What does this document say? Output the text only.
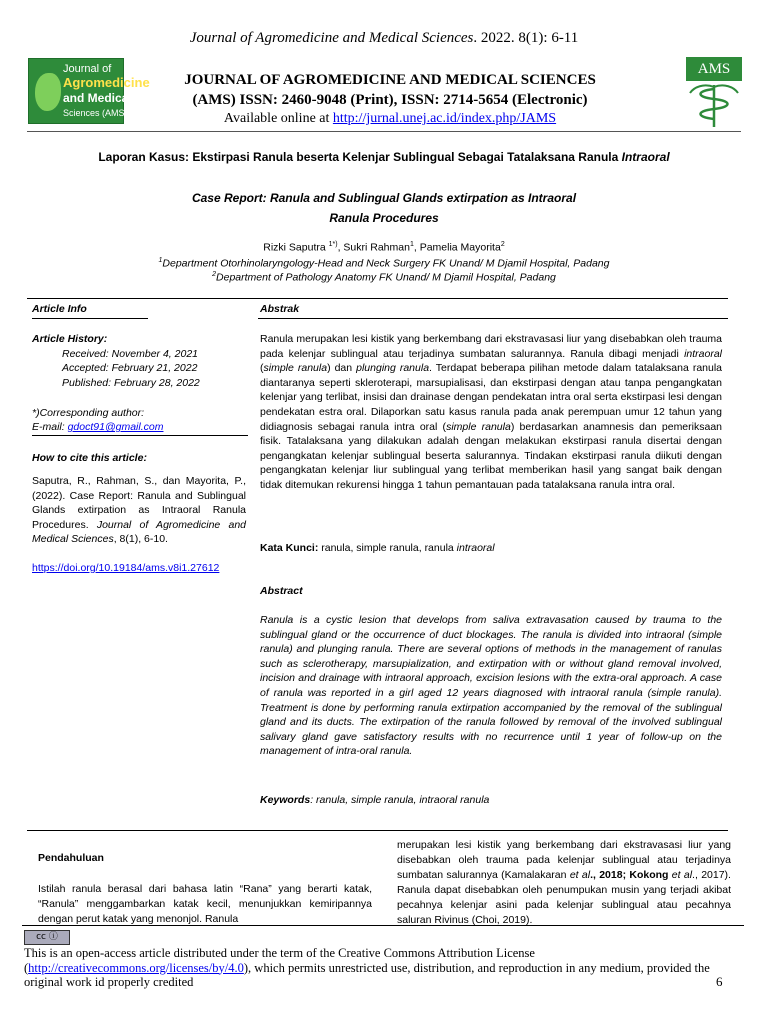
Journal of Agromedicine and Medical Sciences. 2022. 8(1): 6-11
Journal of
Agromedicine
and Medical
Sciences (AMS)
JOURNAL OF AGROMEDICINE AND MEDICAL SCIENCES
(AMS) ISSN: 2460-9048 (Print), ISSN: 2714-5654 (Electronic)
Available online at http://jurnal.unej.ac.id/index.php/JAMS
AMS
Laporan Kasus: Ekstirpasi Ranula beserta Kelenjar Sublingual Sebagai Tatalaksana Ranula Intraoral
Case Report: Ranula and Sublingual Glands extirpation as Intraoral
Ranula Procedures
Rizki Saputra $^{1*)}$, Sukri Rahman$^1$, Pamelia Mayorita$^2$
$^1$Department Otorhinolaryngology-Head and Neck Surgery FK Unand/ M Djamil Hospital, Padang
$^2$Department of Pathology Anatomy FK Unand/ M Djamil Hospital, Padang
Article Info	Abstrak
Article History:
Received: November 4, 2021
Accepted: February 21, 2022
Published: February 28, 2022
*)Corresponding author:
E-mail: gdoct91@gmail.com
How to cite this article:
Saputra, R., Rahman, S., dan Mayorita, P., (2022). Case Report: Ranula and Sublingual Glands extirpation as Intraoral Ranula Procedures. Journal of Agromedicine and Medical Sciences, 8(1), 6-10.
https://doi.org/10.19184/ams.v8i1.27612
Ranula merupakan lesi kistik yang berkembang dari ekstravasasi liur yang disebabkan oleh trauma pada kelenjar sublingual atau terjadinya sumbatan salurannya. Ranula dibagi menjadi intraoral (simple ranula) dan plunging ranula. Terdapat beberapa pilihan metode dalam tatalaksana ranula diantaranya seperti skleroterapi, marsupialisasi, dan ekstirpasi dengan atau tanpa pengangkatan kelenjar yang terlibat, insisi dan drainase dengan pendekatan intra oral serta ekstirpasi lesi dengan pendekatan estra oral. Dilaporkan satu kasus ranula pada anak perempuan umur 12 tahun yang didiagnosis sebagai ranula intra oral (simple ranula) berdasarkan anamnesis dan pemeriksaan fisik. Tatalaksana yang dilakukan adalah dengan melakukan ekstirpasi ranula disertai dengan pengangkatan kelenjar sublingual beserta salurannya. Tindakan ekstirpasi ranula diikuti dengan pengangkatan kelenjar liur sublingual yang terlibat memberikan hasil yang sangat baik dengan tidak ditemukan rekurensi hingga 1 tahun pemantauan pada tatalaksana ranula intra oral.
Kata Kunci: ranula, simple ranula, ranula intraoral
Abstract
Ranula is a cystic lesion that develops from saliva extravasation caused by trauma to the sublingual gland or the occurrence of duct blockages. The ranula is divided into intraoral (simple ranula) and plunging ranula. There are several options of methods in the management of ranulas such as sclerotherapy, marsupialization, and extirpation with or without gland removal involved, incision and drainage with intraoral approach, excision lesions with the extra-oral approach. A case of ranula was reported in a girl aged 12 years diagnosed with intraoral ranula (simple ranula). Treatment is done by performing ranula extirpation accompanied by the removal of the sublingual gland and its ducts. The extirpation of the ranula followed by removal of the involved sublingual salivary gland gave satisfactory results with no recurrence until 1 year of follow-up on the management of intra-oral ranula.
Keywords: ranula, simple ranula, intraoral ranula
Pendahuluan
Istilah ranula berasal dari bahasa latin “Rana” yang berarti katak, “Ranula” menggambarkan katak kecil, menunjukkan kemiripannya dengan perut katak yang menonjol. Ranula
merupakan lesi kistik yang berkembang dari ekstravasasi liur yang disebabkan oleh trauma pada kelenjar sublingual atau terjadinya sumbatan salurannya (Kamalakaran et al., 2018; Kokong et al., 2017). Ranula dapat disebabkan oleh penumpukan musin yang terjadi akibat pecahnya kelenjar asini pada kelenjar sublingual atau pecahnya saluran Rivinus (Choi, 2019).
cc ⓘ
This is an open-access article distributed under the term of the Creative Commons Attribution License (http://creativecommons.org/licenses/by/4.0), which permits unrestricted use, distribution, and reproduction in any medium, provided the original work id properly credited	6
